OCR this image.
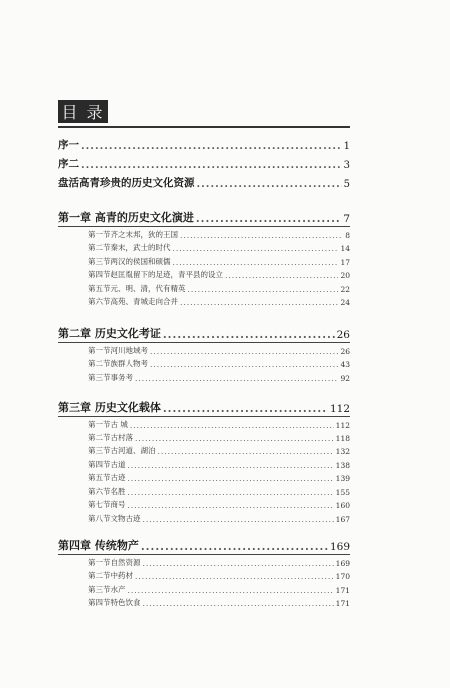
目 录
序一 .....	1
序二 .....	3
盘活高青珍贵的历史文化资源 .....	5
第一章 高青的历史文化演进 .....	7
第一节 齐之末邦，狄的王国 .....	8
第二节 秦末，武士的时代 .....	14
第三节 两汉的侯国和硕儒 .....	17
第四节 赵匡胤留下的足迹，青平县的设立 .....	20
第五节 元、明、清，代有精英 .....	22
第六节 高苑、青城走向合并 .....	24
第二章 历史文化考证 .....	26
第一节 河川地域考 .....	26
第二节 族群人物考 .....	43
第三节 事务考 .....	92
第三章 历史文化载体 .....	112
第一节 古 城 .....	112
第二节 古村落 .....	118
第三节 古河道、湖泊 .....	132
第四节 古道 .....	138
第五节 古迹 .....	139
第六节 名胜 .....	155
第七节 商号 .....	160
第八节 文物古迹 .....	167
第四章 传统物产 .....	169
第一节 自然资源 .....	169
第二节 中药材 .....	170
第三节 水产 .....	171
第四节 特色饮食 .....	171
